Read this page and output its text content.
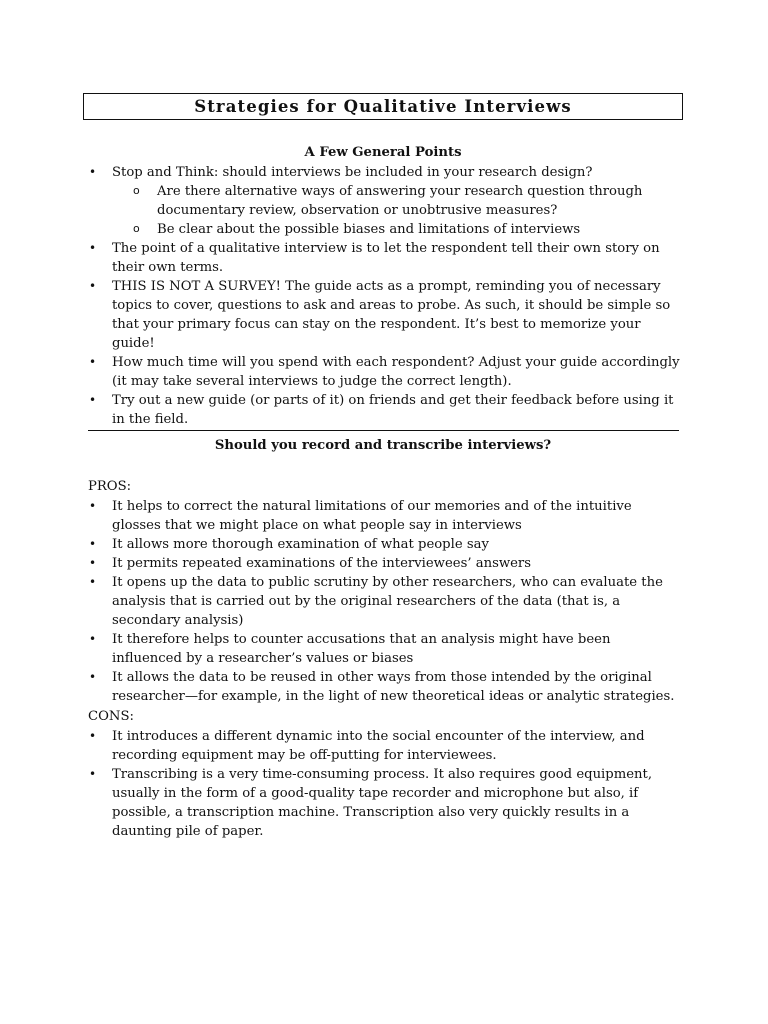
Strategies for Qualitative Interviews
A Few General Points
• Stop and Think: should interviews be included in your research design?
o Are there alternative ways of answering your research question through documentary review, observation or unobtrusive measures?
o Be clear about the possible biases and limitations of interviews
• The point of a qualitative interview is to let the respondent tell their own story on their own terms.
• THIS IS NOT A SURVEY! The guide acts as a prompt, reminding you of necessary topics to cover, questions to ask and areas to probe. As such, it should be simple so that your primary focus can stay on the respondent. It’s best to memorize your guide!
• How much time will you spend with each respondent? Adjust your guide accordingly (it may take several interviews to judge the correct length).
• Try out a new guide (or parts of it) on friends and get their feedback before using it in the field.
Should you record and transcribe interviews?
PROS:
• It helps to correct the natural limitations of our memories and of the intuitive glosses that we might place on what people say in interviews
• It allows more thorough examination of what people say
• It permits repeated examinations of the interviewees’ answers
• It opens up the data to public scrutiny by other researchers, who can evaluate the analysis that is carried out by the original researchers of the data (that is, a secondary analysis)
• It therefore helps to counter accusations that an analysis might have been influenced by a researcher’s values or biases
• It allows the data to be reused in other ways from those intended by the original researcher—for example, in the light of new theoretical ideas or analytic strategies.
CONS:
• It introduces a different dynamic into the social encounter of the interview, and recording equipment may be off-putting for interviewees.
• Transcribing is a very time-consuming process. It also requires good equipment, usually in the form of a good-quality tape recorder and microphone but also, if possible, a transcription machine. Transcription also very quickly results in a daunting pile of paper.
